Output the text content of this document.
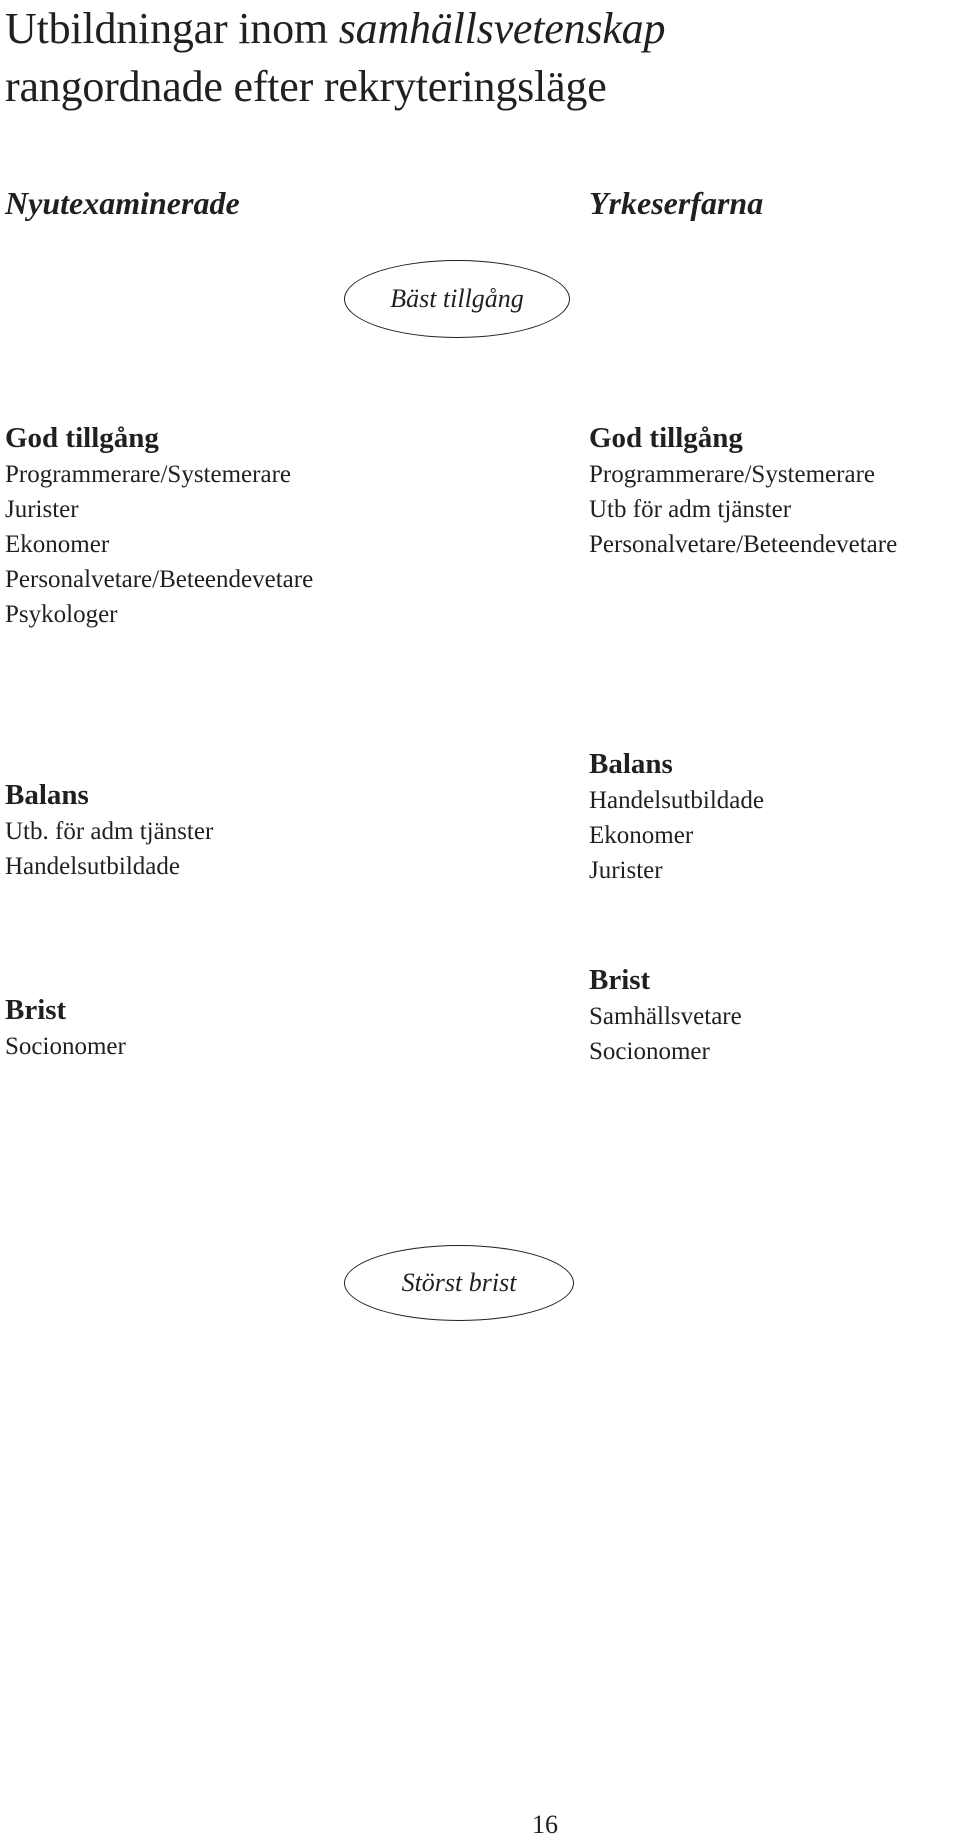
Utbildningar inom samhällsvetenskap
rangordnade efter rekryteringsläge
Nyutexaminerade	Yrkeserfarna
Bäst tillgång
God tillgång
Programmerare/Systemerare
Jurister
Ekonomer
Personalvetare/Beteendevetare
Psykologer
Balans
Utb. för adm tjänster
Handelsutbildade
Brist
Socionomer
God tillgång
Programmerare/Systemerare
Utb för adm tjänster
Personalvetare/Beteendevetare
Balans
Handelsutbildade
Ekonomer
Jurister
Brist
Samhällsvetare
Socionomer
Störst brist
16
